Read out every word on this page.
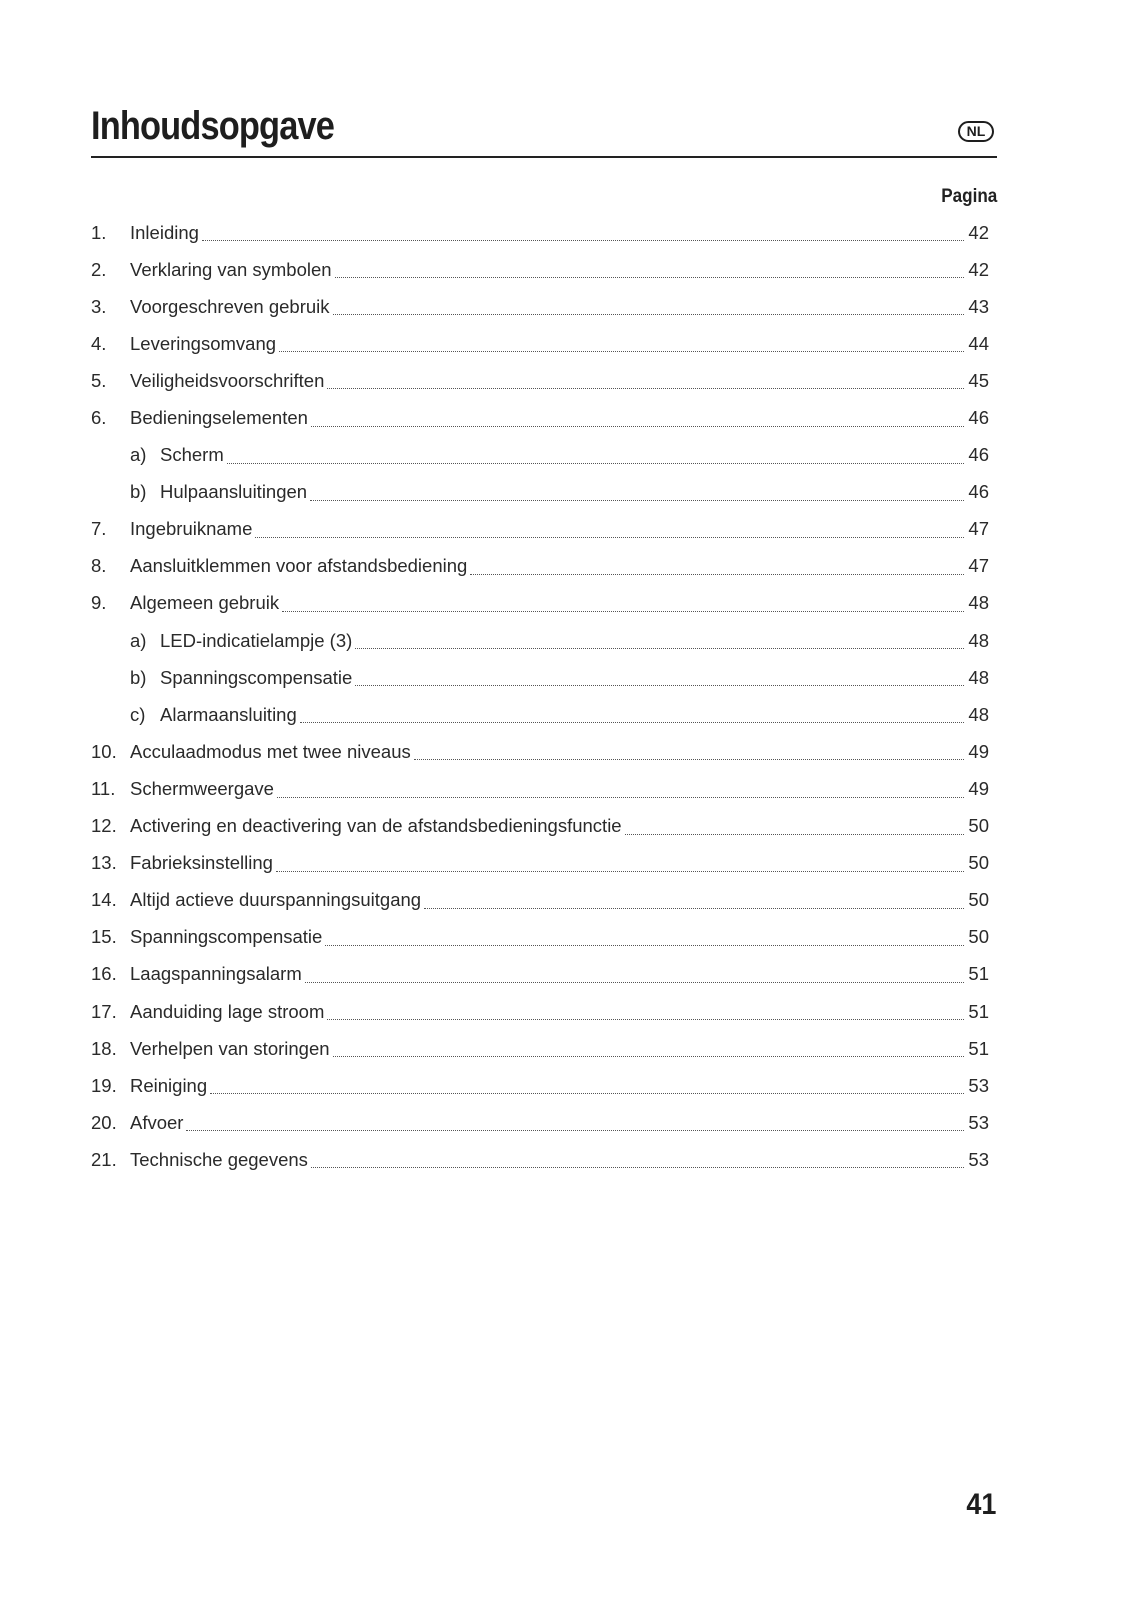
Inhoudsopgave	NL
Pagina
1.	Inleiding	42
2.	Verklaring van symbolen	42
3.	Voorgeschreven gebruik	43
4.	Leveringsomvang	44
5.	Veiligheidsvoorschriften	45
6.	Bedieningselementen	46
a) Scherm	46
b) Hulpaansluitingen	46
7.	Ingebruikname	47
8.	Aansluitklemmen voor afstandsbediening	47
9.	Algemeen gebruik	48
a) LED-indicatielampje (3)	48
b) Spanningscompensatie	48
c) Alarmaansluiting	48
10. Acculaadmodus met twee niveaus	49
11. Schermweergave	49
12. Activering en deactivering van de afstandsbedieningsfunctie	50
13. Fabrieksinstelling	50
14. Altijd actieve duurspanningsuitgang	50
15. Spanningscompensatie	50
16. Laagspanningsalarm	51
17. Aanduiding lage stroom	51
18. Verhelpen van storingen	51
19. Reiniging	53
20. Afvoer	53
21. Technische gegevens	53
41
